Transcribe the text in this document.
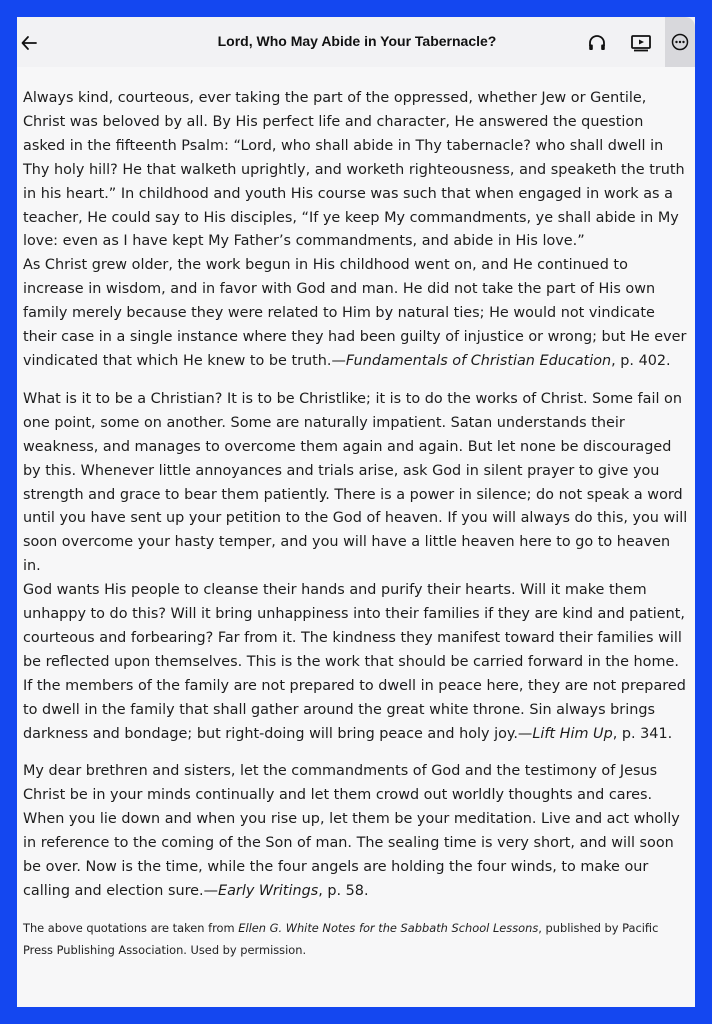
Lord, Who May Abide in Your Tabernacle?

Always kind, courteous, ever taking the part of the oppressed, whether Jew or Gentile, Christ was beloved by all. By His perfect life and character, He answered the question asked in the fifteenth Psalm: “Lord, who shall abide in Thy tabernacle? who shall dwell in Thy holy hill? He that walketh uprightly, and worketh righteousness, and speaketh the truth in his heart.” In childhood and youth His course was such that when engaged in work as a teacher, He could say to His disciples, “If ye keep My commandments, ye shall abide in My love: even as I have kept My Father’s commandments, and abide in His love.”

As Christ grew older, the work begun in His childhood went on, and He continued to increase in wisdom, and in favor with God and man. He did not take the part of His own family merely because they were related to Him by natural ties; He would not vindicate their case in a single instance where they had been guilty of injustice or wrong; but He ever vindicated that which He knew to be truth.—Fundamentals of Christian Education, p. 402.

What is it to be a Christian? It is to be Christlike; it is to do the works of Christ. Some fail on one point, some on another. Some are naturally impatient. Satan understands their weakness, and manages to overcome them again and again. But let none be discouraged by this. Whenever little annoyances and trials arise, ask God in silent prayer to give you strength and grace to bear them patiently. There is a power in silence; do not speak a word until you have sent up your petition to the God of heaven. If you will always do this, you will soon overcome your hasty temper, and you will have a little heaven here to go to heaven in.

God wants His people to cleanse their hands and purify their hearts. Will it make them unhappy to do this? Will it bring unhappiness into their families if they are kind and patient, courteous and forbearing? Far from it. The kindness they manifest toward their families will be reflected upon themselves. This is the work that should be carried forward in the home. If the members of the family are not prepared to dwell in peace here, they are not prepared to dwell in the family that shall gather around the great white throne. Sin always brings darkness and bondage; but right-doing will bring peace and holy joy.—Lift Him Up, p. 341.

My dear brethren and sisters, let the commandments of God and the testimony of Jesus Christ be in your minds continually and let them crowd out worldly thoughts and cares. When you lie down and when you rise up, let them be your meditation. Live and act wholly in reference to the coming of the Son of man. The sealing time is very short, and will soon be over. Now is the time, while the four angels are holding the four winds, to make our calling and election sure.—Early Writings, p. 58.

The above quotations are taken from Ellen G. White Notes for the Sabbath School Lessons, published by Pacific Press Publishing Association. Used by permission.
